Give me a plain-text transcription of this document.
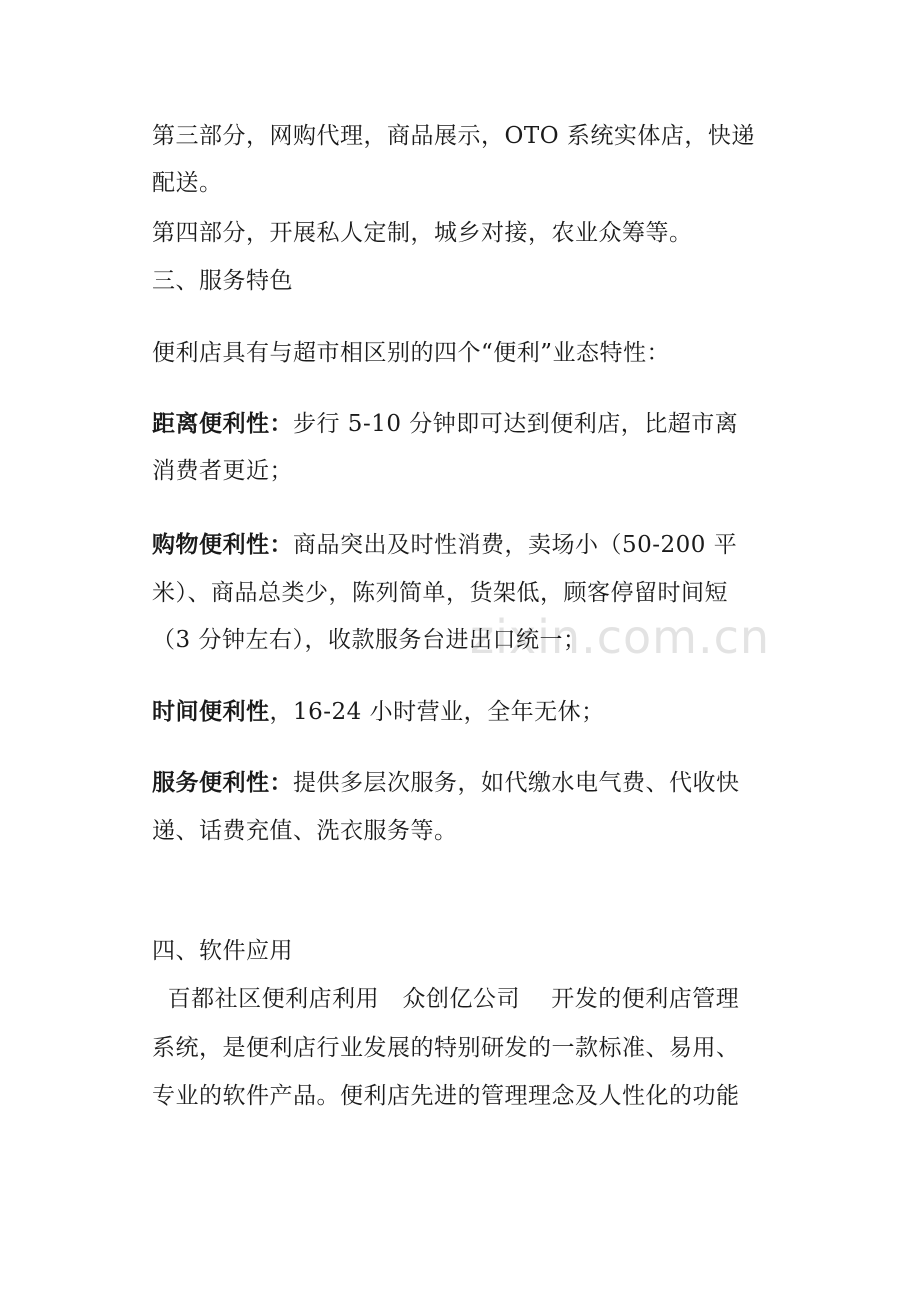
zixin.com.cn
第三部分，网购代理，商品展示，OTO 系统实体店，快递
配送。
第四部分，开展私人定制，城乡对接，农业众筹等。
三、服务特色
便利店具有与超市相区别的四个“便利”业态特性：
距离便利性：步行 5-10 分钟即可达到便利店，比超市离
消费者更近；
购物便利性：商品突出及时性消费，卖场小（50-200 平
米）、商品总类少，陈列简单，货架低，顾客停留时间短
（3 分钟左右），收款服务台进出口统一；
时间便利性，16-24 小时营业，全年无休；
服务便利性：提供多层次服务，如代缴水电气费、代收快
递、话费充值、洗衣服务等。
四、软件应用
百都社区便利店利用   众创亿公司    开发的便利店管理
系统，是便利店行业发展的特别研发的一款标准、易用、
专业的软件产品。便利店先进的管理理念及人性化的功能
